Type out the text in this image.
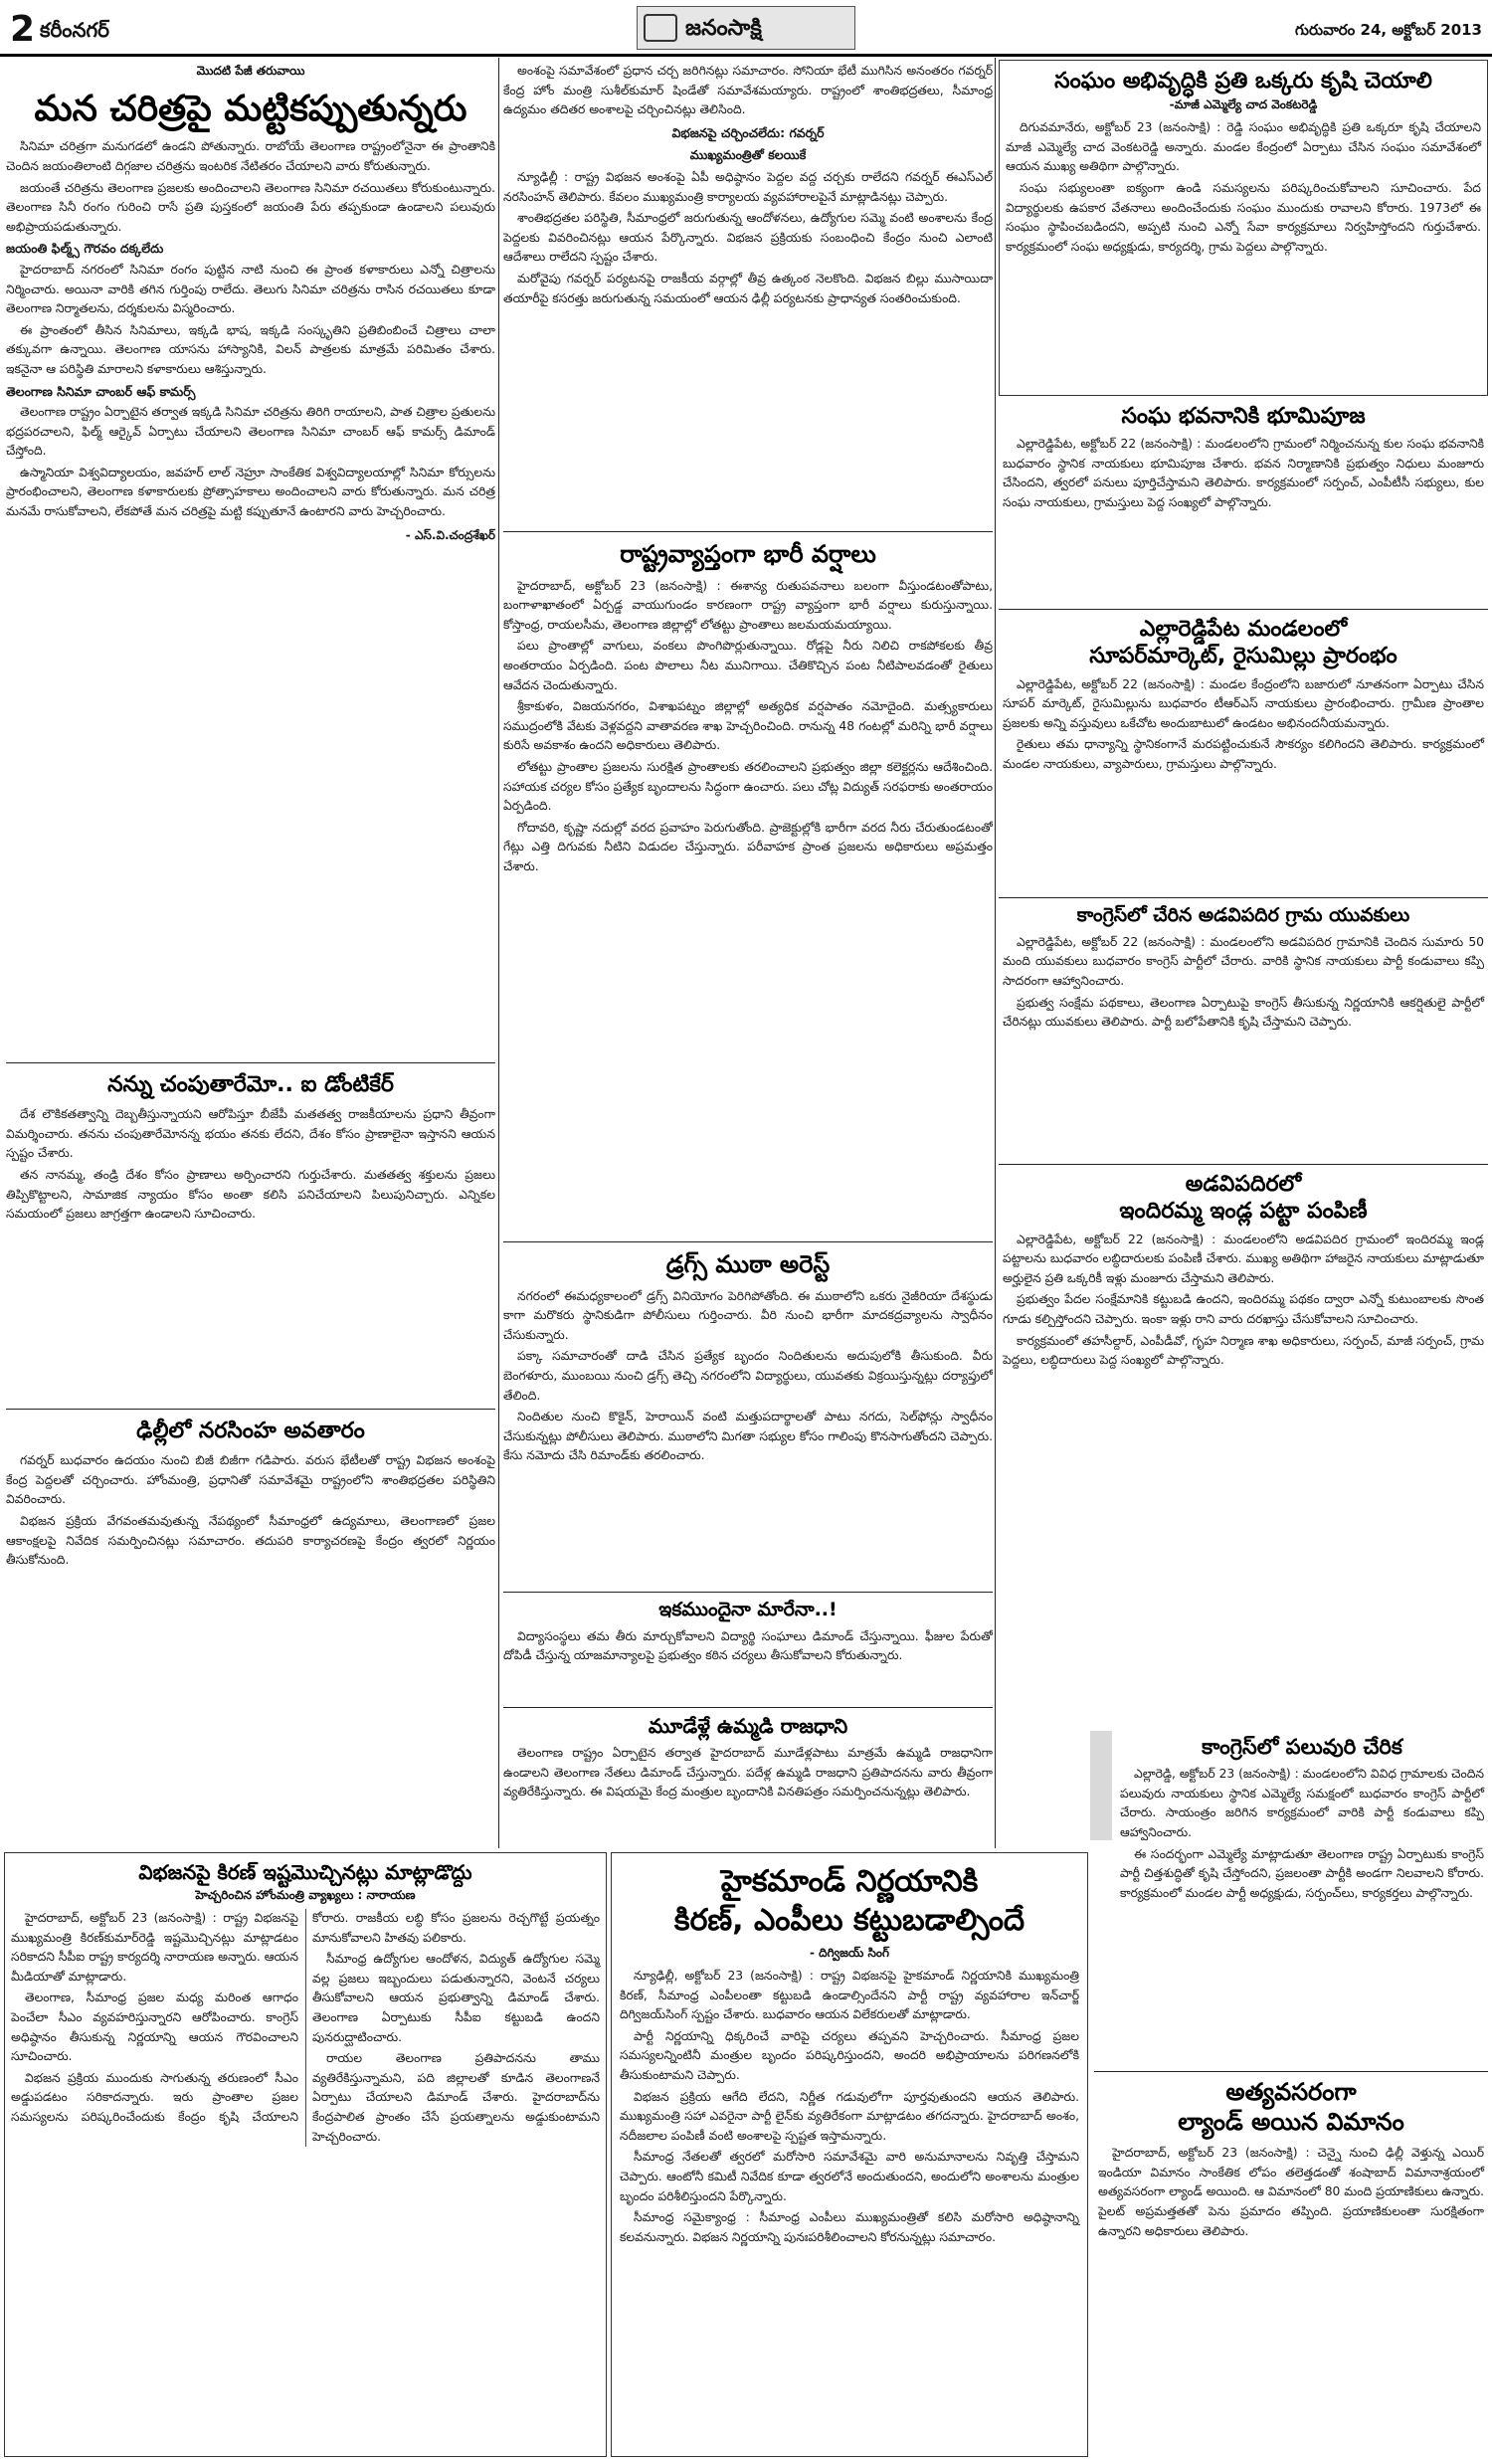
2 కరీంనగర్	జనంసాక్షి	గురువారం 24, అక్టోబర్ 2013
మొదటి పేజీ తరువాయి
మన చరిత్రపై మట్టికప్పుతున్నరు

సినిమా చరిత్రగా మనుగడలో ఉండని పోతున్నారు. రాబోయే తెలంగాణ రాష్ట్రంలోనైనా ఈ ప్రాంతానికి చెందిన జయంతిలాంటి దిగ్గజాల చరిత్రను ఇంటరిక నేటితరం చేయాలని వారు కోరుతున్నారు.

జయంతే చరిత్రను తెలంగాణ ప్రజలకు అందించాలని తెలంగాణ సినిమా రచయితలు కోరుకుంటున్నారు. తెలంగాణ సినీ రంగం గురించి రాసే ప్రతి పుస్తకంలో జయంతి పేరు తప్పకుండా ఉండాలని పలువురు అభిప్రాయపడుతున్నారు.

జయంతి ఫిల్మ్స్ గౌరవం దక్కలేదు

హైదరాబాద్ నగరంలో సినిమా రంగం పుట్టిన నాటి నుంచి ఈ ప్రాంత కళాకారులు ఎన్నో చిత్రాలను నిర్మించారు. అయినా వారికి తగిన గుర్తింపు రాలేదు. తెలుగు సినిమా చరిత్రను రాసిన రచయితలు కూడా తెలంగాణ నిర్మాతలను, దర్శకులను విస్మరించారు.

ఈ ప్రాంతంలో తీసిన సినిమాలు, ఇక్కడి భాష, ఇక్కడి సంస్కృతిని ప్రతిబింబించే చిత్రాలు చాలా తక్కువగా ఉన్నాయి. తెలంగాణ యాసను హాస్యానికి, విలన్ పాత్రలకు మాత్రమే పరిమితం చేశారు. ఇకనైనా ఆ పరిస్థితి మారాలని కళాకారులు ఆశిస్తున్నారు.

తెలంగాణ సినిమా చాంబర్ ఆఫ్ కామర్స్

తెలంగాణ రాష్ట్రం ఏర్పాటైన తర్వాత ఇక్కడి సినిమా చరిత్రను తిరిగి రాయాలని, పాత చిత్రాల ప్రతులను భద్రపరచాలని, ఫిల్మ్ ఆర్కైవ్ ఏర్పాటు చేయాలని తెలంగాణ సినిమా చాంబర్ ఆఫ్ కామర్స్ డిమాండ్ చేస్తోంది.

ఉస్మానియా విశ్వవిద్యాలయం, జవహర్ లాల్ నెహ్రూ సాంకేతిక విశ్వవిద్యాలయాల్లో సినిమా కోర్సులను ప్రారంభించాలని, తెలంగాణ కళాకారులకు ప్రోత్సాహకాలు అందించాలని వారు కోరుతున్నారు. మన చరిత్ర మనమే రాసుకోవాలని, లేకపోతే మన చరిత్రపై మట్టి కప్పుతూనే ఉంటారని వారు హెచ్చరించారు.

- ఎస్.వి.చంద్రశేఖర్
నన్ను చంపుతారేమో.. ఐ డోంటికేర్

దేశ లౌకికతత్వాన్ని దెబ్బతీస్తున్నాయని ఆరోపిస్తూ బీజేపీ మతతత్వ రాజకీయాలను ప్రధాని తీవ్రంగా విమర్శించారు. తనను చంపుతారేమోనన్న భయం తనకు లేదని, దేశం కోసం ప్రాణాలైనా ఇస్తానని ఆయన స్పష్టం చేశారు.

తన నానమ్మ, తండ్రి దేశం కోసం ప్రాణాలు అర్పించారని గుర్తుచేశారు. మతతత్వ శక్తులను ప్రజలు తిప్పికొట్టాలని, సామాజిక న్యాయం కోసం అంతా కలిసి పనిచేయాలని పిలుపునిచ్చారు. ఎన్నికల సమయంలో ప్రజలు జాగ్రత్తగా ఉండాలని సూచించారు.

ఢిల్లీలో నరసింహ అవతారం

గవర్నర్ బుధవారం ఉదయం నుంచి బిజీ బిజీగా గడిపారు. వరుస భేటీలతో రాష్ట్ర విభజన అంశంపై కేంద్ర పెద్దలతో చర్చించారు. హోంమంత్రి, ప్రధానితో సమావేశమై రాష్ట్రంలోని శాంతిభద్రతల పరిస్థితిని వివరించారు.

విభజన ప్రక్రియ వేగవంతమవుతున్న నేపథ్యంలో సీమాంధ్రలో ఉద్యమాలు, తెలంగాణలో ప్రజల ఆకాంక్షలపై నివేదిక సమర్పించినట్లు సమాచారం. తదుపరి కార్యాచరణపై కేంద్రం త్వరలో నిర్ణయం తీసుకోనుంది.

అంశంపై సమావేశంలో ప్రధాన చర్చ జరిగినట్లు సమాచారం. సోనియా భేటీ ముగిసిన అనంతరం గవర్నర్ కేంద్ర హోం మంత్రి సుశీల్‌కుమార్ షిండేతో సమావేశమయ్యారు. రాష్ట్రంలో శాంతిభద్రతలు, సీమాంధ్ర ఉద్యమం తదితర అంశాలపై చర్చించినట్లు తెలిసింది.

విభజనపై చర్చించలేదు: గవర్నర్
ముఖ్యమంత్రితో కలయికే

న్యూఢిల్లీ : రాష్ట్ర విభజన అంశంపై ఏపీ అధిష్ఠానం పెద్దల వద్ద చర్చకు రాలేదని గవర్నర్ ఈఎస్ఎల్ నరసింహన్ తెలిపారు. కేవలం ముఖ్యమంత్రి కార్యాలయ వ్యవహారాలపైనే మాట్లాడినట్లు చెప్పారు.

శాంతిభద్రతల పరిస్థితి, సీమాంధ్రలో జరుగుతున్న ఆందోళనలు, ఉద్యోగుల సమ్మె వంటి అంశాలను కేంద్ర పెద్దలకు వివరించినట్లు ఆయన పేర్కొన్నారు. విభజన ప్రక్రియకు సంబంధించి కేంద్రం నుంచి ఎలాంటి ఆదేశాలు రాలేదని స్పష్టం చేశారు.

మరోవైపు గవర్నర్ పర్యటనపై రాజకీయ వర్గాల్లో తీవ్ర ఉత్కంఠ నెలకొంది. విభజన బిల్లు ముసాయిదా తయారీపై కసరత్తు జరుగుతున్న సమయంలో ఆయన ఢిల్లీ పర్యటనకు ప్రాధాన్యత సంతరించుకుంది.

రాష్ట్రవ్యాప్తంగా భారీ వర్షాలు

హైదరాబాద్, అక్టోబర్ 23 (జనంసాక్షి) : ఈశాన్య రుతుపవనాలు బలంగా వీస్తుండటంతోపాటు, బంగాళాఖాతంలో ఏర్పడ్డ వాయుగుండం కారణంగా రాష్ట్ర వ్యాప్తంగా భారీ వర్షాలు కురుస్తున్నాయి. కోస్తాంధ్ర, రాయలసీమ, తెలంగాణ జిల్లాల్లో లోతట్టు ప్రాంతాలు జలమయమయ్యాయి.

పలు ప్రాంతాల్లో వాగులు, వంకలు పొంగిపొర్లుతున్నాయి. రోడ్లపై నీరు నిలిచి రాకపోకలకు తీవ్ర అంతరాయం ఏర్పడింది. పంట పొలాలు నీట మునిగాయి. చేతికొచ్చిన పంట నీటిపాలవడంతో రైతులు ఆవేదన చెందుతున్నారు.

శ్రీకాకుళం, విజయనగరం, విశాఖపట్నం జిల్లాల్లో అత్యధిక వర్షపాతం నమోదైంది. మత్స్యకారులు సముద్రంలోకి వేటకు వెళ్లవద్దని వాతావరణ శాఖ హెచ్చరించింది. రానున్న 48 గంటల్లో మరిన్ని భారీ వర్షాలు కురిసే అవకాశం ఉందని అధికారులు తెలిపారు.

లోతట్టు ప్రాంతాల ప్రజలను సురక్షిత ప్రాంతాలకు తరలించాలని ప్రభుత్వం జిల్లా కలెక్టర్లను ఆదేశించింది. సహాయక చర్యల కోసం ప్రత్యేక బృందాలను సిద్ధంగా ఉంచారు. పలు చోట్ల విద్యుత్ సరఫరాకు అంతరాయం ఏర్పడింది.

గోదావరి, కృష్ణా నదుల్లో వరద ప్రవాహం పెరుగుతోంది. ప్రాజెక్టుల్లోకి భారీగా వరద నీరు చేరుతుండటంతో గేట్లు ఎత్తి దిగువకు నీటిని విడుదల చేస్తున్నారు. పరీవాహక ప్రాంత ప్రజలను అధికారులు అప్రమత్తం చేశారు.

డ్రగ్స్ ముఠా అరెస్ట్

నగరంలో ఈమధ్యకాలంలో డ్రగ్స్ వినియోగం పెరిగిపోతోంది. ఈ ముఠాలోని ఒకరు నైజీరియా దేశస్థుడు కాగా మరొకరు స్థానికుడిగా పోలీసులు గుర్తించారు. వీరి నుంచి భారీగా మాదకద్రవ్యాలను స్వాధీనం చేసుకున్నారు.

పక్కా సమాచారంతో దాడి చేసిన ప్రత్యేక బృందం నిందితులను అదుపులోకి తీసుకుంది. వీరు బెంగళూరు, ముంబయి నుంచి డ్రగ్స్ తెచ్చి నగరంలోని విద్యార్థులు, యువతకు విక్రయిస్తున్నట్లు దర్యాప్తులో తేలింది.

నిందితుల నుంచి కొకైన్, హెరాయిన్ వంటి మత్తుపదార్థాలతో పాటు నగదు, సెల్‌ఫోన్లు స్వాధీనం చేసుకున్నట్లు పోలీసులు తెలిపారు. ముఠాలోని మిగతా సభ్యుల కోసం గాలింపు కొనసాగుతోందని చెప్పారు. కేసు నమోదు చేసి రిమాండ్‌కు తరలించారు.

ఇకముందైనా మారేనా..!

విద్యాసంస్థలు తమ తీరు మార్చుకోవాలని విద్యార్థి సంఘాలు డిమాండ్ చేస్తున్నాయి. ఫీజుల పేరుతో దోపిడీ చేస్తున్న యాజమాన్యాలపై ప్రభుత్వం కఠిన చర్యలు తీసుకోవాలని కోరుతున్నారు.

మూడేళ్లే ఉమ్మడి రాజధాని

తెలంగాణ రాష్ట్రం ఏర్పాటైన తర్వాత హైదరాబాద్ మూడేళ్లపాటు మాత్రమే ఉమ్మడి రాజధానిగా ఉండాలని తెలంగాణ నేతలు డిమాండ్ చేస్తున్నారు. పదేళ్ల ఉమ్మడి రాజధాని ప్రతిపాదనను వారు తీవ్రంగా వ్యతిరేకిస్తున్నారు. ఈ విషయమై కేంద్ర మంత్రుల బృందానికి వినతిపత్రం సమర్పించనున్నట్లు తెలిపారు.

విభజనపై కిరణ్ ఇష్టమొచ్చినట్లు మాట్లాడొద్దు
హెచ్చరించిన హోంమంత్రి వ్యాఖ్యలు : నారాయణ

హైదరాబాద్, అక్టోబర్ 23 (జనంసాక్షి) : రాష్ట్ర విభజనపై ముఖ్యమంత్రి కిరణ్‌కుమార్‌రెడ్డి ఇష్టమొచ్చినట్లు మాట్లాడటం సరికాదని సీపీఐ రాష్ట్ర కార్యదర్శి నారాయణ అన్నారు. ఆయన మీడియాతో మాట్లాడారు.

తెలంగాణ, సీమాంధ్ర ప్రజల మధ్య మరింత ఆగాధం పెంచేలా సీఎం వ్యవహరిస్తున్నారని ఆరోపించారు. కాంగ్రెస్ అధిష్ఠానం తీసుకున్న నిర్ణయాన్ని ఆయన గౌరవించాలని సూచించారు.

విభజన ప్రక్రియ ముందుకు సాగుతున్న తరుణంలో సీఎం అడ్డుపడటం సరికాదన్నారు. ఇరు ప్రాంతాల ప్రజల సమస్యలను పరిష్కరించేందుకు కేంద్రం కృషి చేయాలని కోరారు. రాజకీయ లబ్ధి కోసం ప్రజలను రెచ్చగొట్టే ప్రయత్నం మానుకోవాలని హితవు పలికారు.

సీమాంధ్ర ఉద్యోగుల ఆందోళన, విద్యుత్ ఉద్యోగుల సమ్మె వల్ల ప్రజలు ఇబ్బందులు పడుతున్నారని, వెంటనే చర్యలు తీసుకోవాలని ఆయన ప్రభుత్వాన్ని డిమాండ్ చేశారు. తెలంగాణ ఏర్పాటుకు సీపీఐ కట్టుబడి ఉందని పునరుద్ఘాటించారు.

రాయల తెలంగాణ ప్రతిపాదనను తాము వ్యతిరేకిస్తున్నామని, పది జిల్లాలతో కూడిన తెలంగాణనే ఏర్పాటు చేయాలని డిమాండ్ చేశారు. హైదరాబాద్‌ను కేంద్రపాలిత ప్రాంతం చేసే ప్రయత్నాలను అడ్డుకుంటామని హెచ్చరించారు.

హైకమాండ్ నిర్ణయానికి
కిరణ్, ఎంపీలు కట్టుబడాల్సిందే
- దిగ్విజయ్ సింగ్

న్యూఢిల్లీ, అక్టోబర్ 23 (జనంసాక్షి) : రాష్ట్ర విభజనపై హైకమాండ్ నిర్ణయానికి ముఖ్యమంత్రి కిరణ్, సీమాంధ్ర ఎంపీలంతా కట్టుబడి ఉండాల్సిందేనని పార్టీ రాష్ట్ర వ్యవహారాల ఇన్‌చార్జ్ దిగ్విజయ్‌సింగ్ స్పష్టం చేశారు. బుధవారం ఆయన విలేకరులతో మాట్లాడారు.

పార్టీ నిర్ణయాన్ని ధిక్కరించే వారిపై చర్యలు తప్పవని హెచ్చరించారు. సీమాంధ్ర ప్రజల సమస్యలన్నింటినీ మంత్రుల బృందం పరిష్కరిస్తుందని, అందరి అభిప్రాయాలను పరిగణనలోకి తీసుకుంటామని చెప్పారు.

విభజన ప్రక్రియ ఆగేది లేదని, నిర్ణీత గడువులోగా పూర్తవుతుందని ఆయన తెలిపారు. ముఖ్యమంత్రి సహా ఎవరైనా పార్టీ లైన్‌కు వ్యతిరేకంగా మాట్లాడటం తగదన్నారు. హైదరాబాద్ అంశం, నదీజలాల పంపిణీ వంటి అంశాలపై స్పష్టత ఇస్తామన్నారు.

సీమాంధ్ర నేతలతో త్వరలో మరోసారి సమావేశమై వారి అనుమానాలను నివృత్తి చేస్తామని చెప్పారు. ఆంటోనీ కమిటీ నివేదిక కూడా త్వరలోనే అందుతుందని, అందులోని అంశాలను మంత్రుల బృందం పరిశీలిస్తుందని పేర్కొన్నారు.

సీమాంధ్ర సమైక్యాంధ్ర : సీమాంధ్ర ఎంపీలు ముఖ్యమంత్రితో కలిసి మరోసారి అధిష్ఠానాన్ని కలవనున్నారు. విభజన నిర్ణయాన్ని పునఃపరిశీలించాలని కోరనున్నట్లు సమాచారం.

సంఘం అభివృద్ధికి ప్రతి ఒక్కరు కృషి చెయాలి
-మాజీ ఎమ్మెల్యే చాద వెంకటరెడ్డి

దిగువమానేరు, అక్టోబర్ 23 (జనంసాక్షి) : రెడ్డి సంఘం అభివృద్ధికి ప్రతి ఒక్కరూ కృషి చేయాలని మాజీ ఎమ్మెల్యే చాద వెంకటరెడ్డి అన్నారు. మండల కేంద్రంలో ఏర్పాటు చేసిన సంఘం సమావేశంలో ఆయన ముఖ్య అతిథిగా పాల్గొన్నారు.

సంఘ సభ్యులంతా ఐక్యంగా ఉండి సమస్యలను పరిష్కరించుకోవాలని సూచించారు. పేద విద్యార్థులకు ఉపకార వేతనాలు అందించేందుకు సంఘం ముందుకు రావాలని కోరారు. 1973లో ఈ సంఘం స్థాపించబడిందని, అప్పటి నుంచి ఎన్నో సేవా కార్యక్రమాలు నిర్వహిస్తోందని గుర్తుచేశారు. కార్యక్రమంలో సంఘ అధ్యక్షుడు, కార్యదర్శి, గ్రామ పెద్దలు పాల్గొన్నారు.

సంఘ భవనానికి భూమిపూజ

ఎల్లారెడ్డిపేట, అక్టోబర్ 22 (జనంసాక్షి) : మండలంలోని గ్రామంలో నిర్మించనున్న కుల సంఘ భవనానికి బుధవారం స్థానిక నాయకులు భూమిపూజ చేశారు. భవన నిర్మాణానికి ప్రభుత్వం నిధులు మంజూరు చేసిందని, త్వరలో పనులు పూర్తిచేస్తామని తెలిపారు. కార్యక్రమంలో సర్పంచ్, ఎంపీటీసీ సభ్యులు, కుల సంఘ నాయకులు, గ్రామస్తులు పెద్ద సంఖ్యలో పాల్గొన్నారు.

ఎల్లారెడ్డిపేట మండలంలో
సూపర్‌మార్కెట్, రైసుమిల్లు ప్రారంభం

ఎల్లారెడ్డిపేట, అక్టోబర్ 22 (జనంసాక్షి) : మండల కేంద్రంలోని బజారులో నూతనంగా ఏర్పాటు చేసిన సూపర్ మార్కెట్, రైసుమిల్లును బుధవారం టీఆర్ఎస్ నాయకులు ప్రారంభించారు. గ్రామీణ ప్రాంతాల ప్రజలకు అన్ని వస్తువులు ఒకేచోట అందుబాటులో ఉండటం అభినందనీయమన్నారు.

రైతులు తమ ధాన్యాన్ని స్థానికంగానే మరపట్టించుకునే సౌకర్యం కలిగిందని తెలిపారు. కార్యక్రమంలో మండల నాయకులు, వ్యాపారులు, గ్రామస్తులు పాల్గొన్నారు.

కాంగ్రెస్‌లో చేరిన అడవిపదిర గ్రామ యువకులు

ఎల్లారెడ్డిపేట, అక్టోబర్ 22 (జనంసాక్షి) : మండలంలోని అడవిపదిర గ్రామానికి చెందిన సుమారు 50 మంది యువకులు బుధవారం కాంగ్రెస్ పార్టీలో చేరారు. వారికి స్థానిక నాయకులు పార్టీ కండువాలు కప్పి సాదరంగా ఆహ్వానించారు.

ప్రభుత్వ సంక్షేమ పథకాలు, తెలంగాణ ఏర్పాటుపై కాంగ్రెస్ తీసుకున్న నిర్ణయానికి ఆకర్షితులై పార్టీలో చేరినట్లు యువకులు తెలిపారు. పార్టీ బలోపేతానికి కృషి చేస్తామని చెప్పారు.

అడవిపదిరలో
ఇందిరమ్మ ఇండ్ల పట్టా పంపిణీ

ఎల్లారెడ్డిపేట, అక్టోబర్ 22 (జనంసాక్షి) : మండలంలోని అడవిపదిర గ్రామంలో ఇందిరమ్మ ఇండ్ల పట్టాలను బుధవారం లబ్ధిదారులకు పంపిణీ చేశారు. ముఖ్య అతిథిగా హాజరైన నాయకులు మాట్లాడుతూ అర్హులైన ప్రతి ఒక్కరికీ ఇళ్లు మంజూరు చేస్తామని తెలిపారు.

ప్రభుత్వం పేదల సంక్షేమానికి కట్టుబడి ఉందని, ఇందిరమ్మ పథకం ద్వారా ఎన్నో కుటుంబాలకు సొంత గూడు కల్పిస్తోందని చెప్పారు. ఇంకా ఇళ్లు రాని వారు దరఖాస్తు చేసుకోవాలని సూచించారు.

కార్యక్రమంలో తహసీల్దార్, ఎంపీడీవో, గృహ నిర్మాణ శాఖ అధికారులు, సర్పంచ్, మాజీ సర్పంచ్, గ్రామ పెద్దలు, లబ్ధిదారులు పెద్ద సంఖ్యలో పాల్గొన్నారు.

కాంగ్రెస్‌లో పలువురి చేరిక

ఎల్లారెడ్డి, అక్టోబర్ 23 (జనంసాక్షి) : మండలంలోని వివిధ గ్రామాలకు చెందిన పలువురు నాయకులు స్థానిక ఎమ్మెల్యే సమక్షంలో బుధవారం కాంగ్రెస్ పార్టీలో చేరారు. సాయంత్రం జరిగిన కార్యక్రమంలో వారికి పార్టీ కండువాలు కప్పి ఆహ్వానించారు.

ఈ సందర్భంగా ఎమ్మెల్యే మాట్లాడుతూ తెలంగాణ రాష్ట్ర ఏర్పాటుకు కాంగ్రెస్ పార్టీ చిత్తశుద్ధితో కృషి చేస్తోందని, ప్రజలంతా పార్టీకి అండగా నిలవాలని కోరారు. కార్యక్రమంలో మండల పార్టీ అధ్యక్షుడు, సర్పంచ్‌లు, కార్యకర్తలు పాల్గొన్నారు.

అత్యవసరంగా
ల్యాండ్ అయిన విమానం

హైదరాబాద్, అక్టోబర్ 23 (జనంసాక్షి) : చెన్నై నుంచి ఢిల్లీ వెళ్తున్న ఎయిర్ ఇండియా విమానం సాంకేతిక లోపం తలెత్తడంతో శంషాబాద్ విమానాశ్రయంలో అత్యవసరంగా ల్యాండ్ అయింది. ఆ విమానంలో 80 మంది ప్రయాణికులు ఉన్నారు. పైలట్ అప్రమత్తతతో పెను ప్రమాదం తప్పింది. ప్రయాణికులంతా సురక్షితంగా ఉన్నారని అధికారులు తెలిపారు.
